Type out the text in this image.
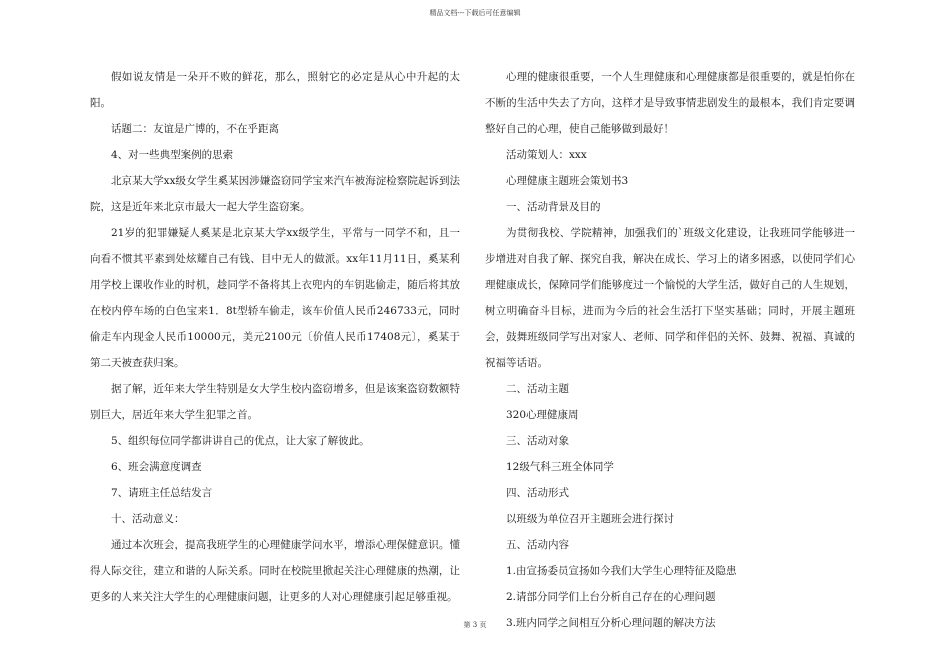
精品文档---下载后可任意编辑

假如说友情是一朵开不败的鲜花，那么，照射它的必定是从心中升起的太阳。

话题二：友谊是广博的，不在乎距离

4、对一些典型案例的思索

北京某大学xx级女学生奚某因涉嫌盗窃同学宝来汽车被海淀检察院起诉到法院，这是近年来北京市最大一起大学生盗窃案。

21岁的犯罪嫌疑人奚某是北京某大学xx级学生，平常与一同学不和，且一向看不惯其平素到处炫耀自己有钱、目中无人的做派。xx年11月11日，奚某利用学校上课收作业的时机，趁同学不备将其上衣兜内的车钥匙偷走，随后将其放在校内停车场的白色宝来1．8t型轿车偷走，该车价值人民币246733元，同时偷走车内现金人民币10000元，美元2100元〔价值人民币17408元〕，奚某于第二天被查获归案。

据了解，近年来大学生特别是女大学生校内盗窃增多，但是该案盗窃数额特别巨大，居近年来大学生犯罪之首。

5、组织每位同学都讲讲自己的优点，让大家了解彼此。

6、班会满意度调查

7、请班主任总结发言

十、活动意义：

通过本次班会，提高我班学生的心理健康学问水平，增添心理保健意识。懂得人际交往，建立和谐的人际关系。同时在校院里掀起关注心理健康的热潮，让更多的人来关注大学生的心理健康问题，让更多的人对心理健康引起足够重视。

心理的健康很重要，一个人生理健康和心理健康都是很重要的，就是怕你在不断的生活中失去了方向，这样才是导致事情悲剧发生的最根本，我们肯定要调整好自己的心理，使自己能够做到最好！

活动策划人：xxx

心理健康主题班会策划书3

一、活动背景及目的

为贯彻我校、学院精神，加强我们的`班级文化建设，让我班同学能够进一步增进对自我了解、探究自我，解决在成长、学习上的诸多困惑，以使同学们心理健康成长，保障同学们能够度过一个愉悦的大学生活，做好自己的人生规划，树立明确奋斗目标，进而为今后的社会生活打下坚实基础；同时，开展主题班会，鼓舞班级同学写出对家人、老师、同学和伴侣的关怀、鼓舞、祝福、真诚的祝福等话语。

二、活动主题

320心理健康周

三、活动对象

12级气科三班全体同学

四、活动形式

以班级为单位召开主题班会进行探讨

五、活动内容

1.由宣扬委员宣扬如今我们大学生心理特征及隐患

2.请部分同学们上台分析自己存在的心理问题

3.班内同学之间相互分析心理问题的解决方法

第 3 页
